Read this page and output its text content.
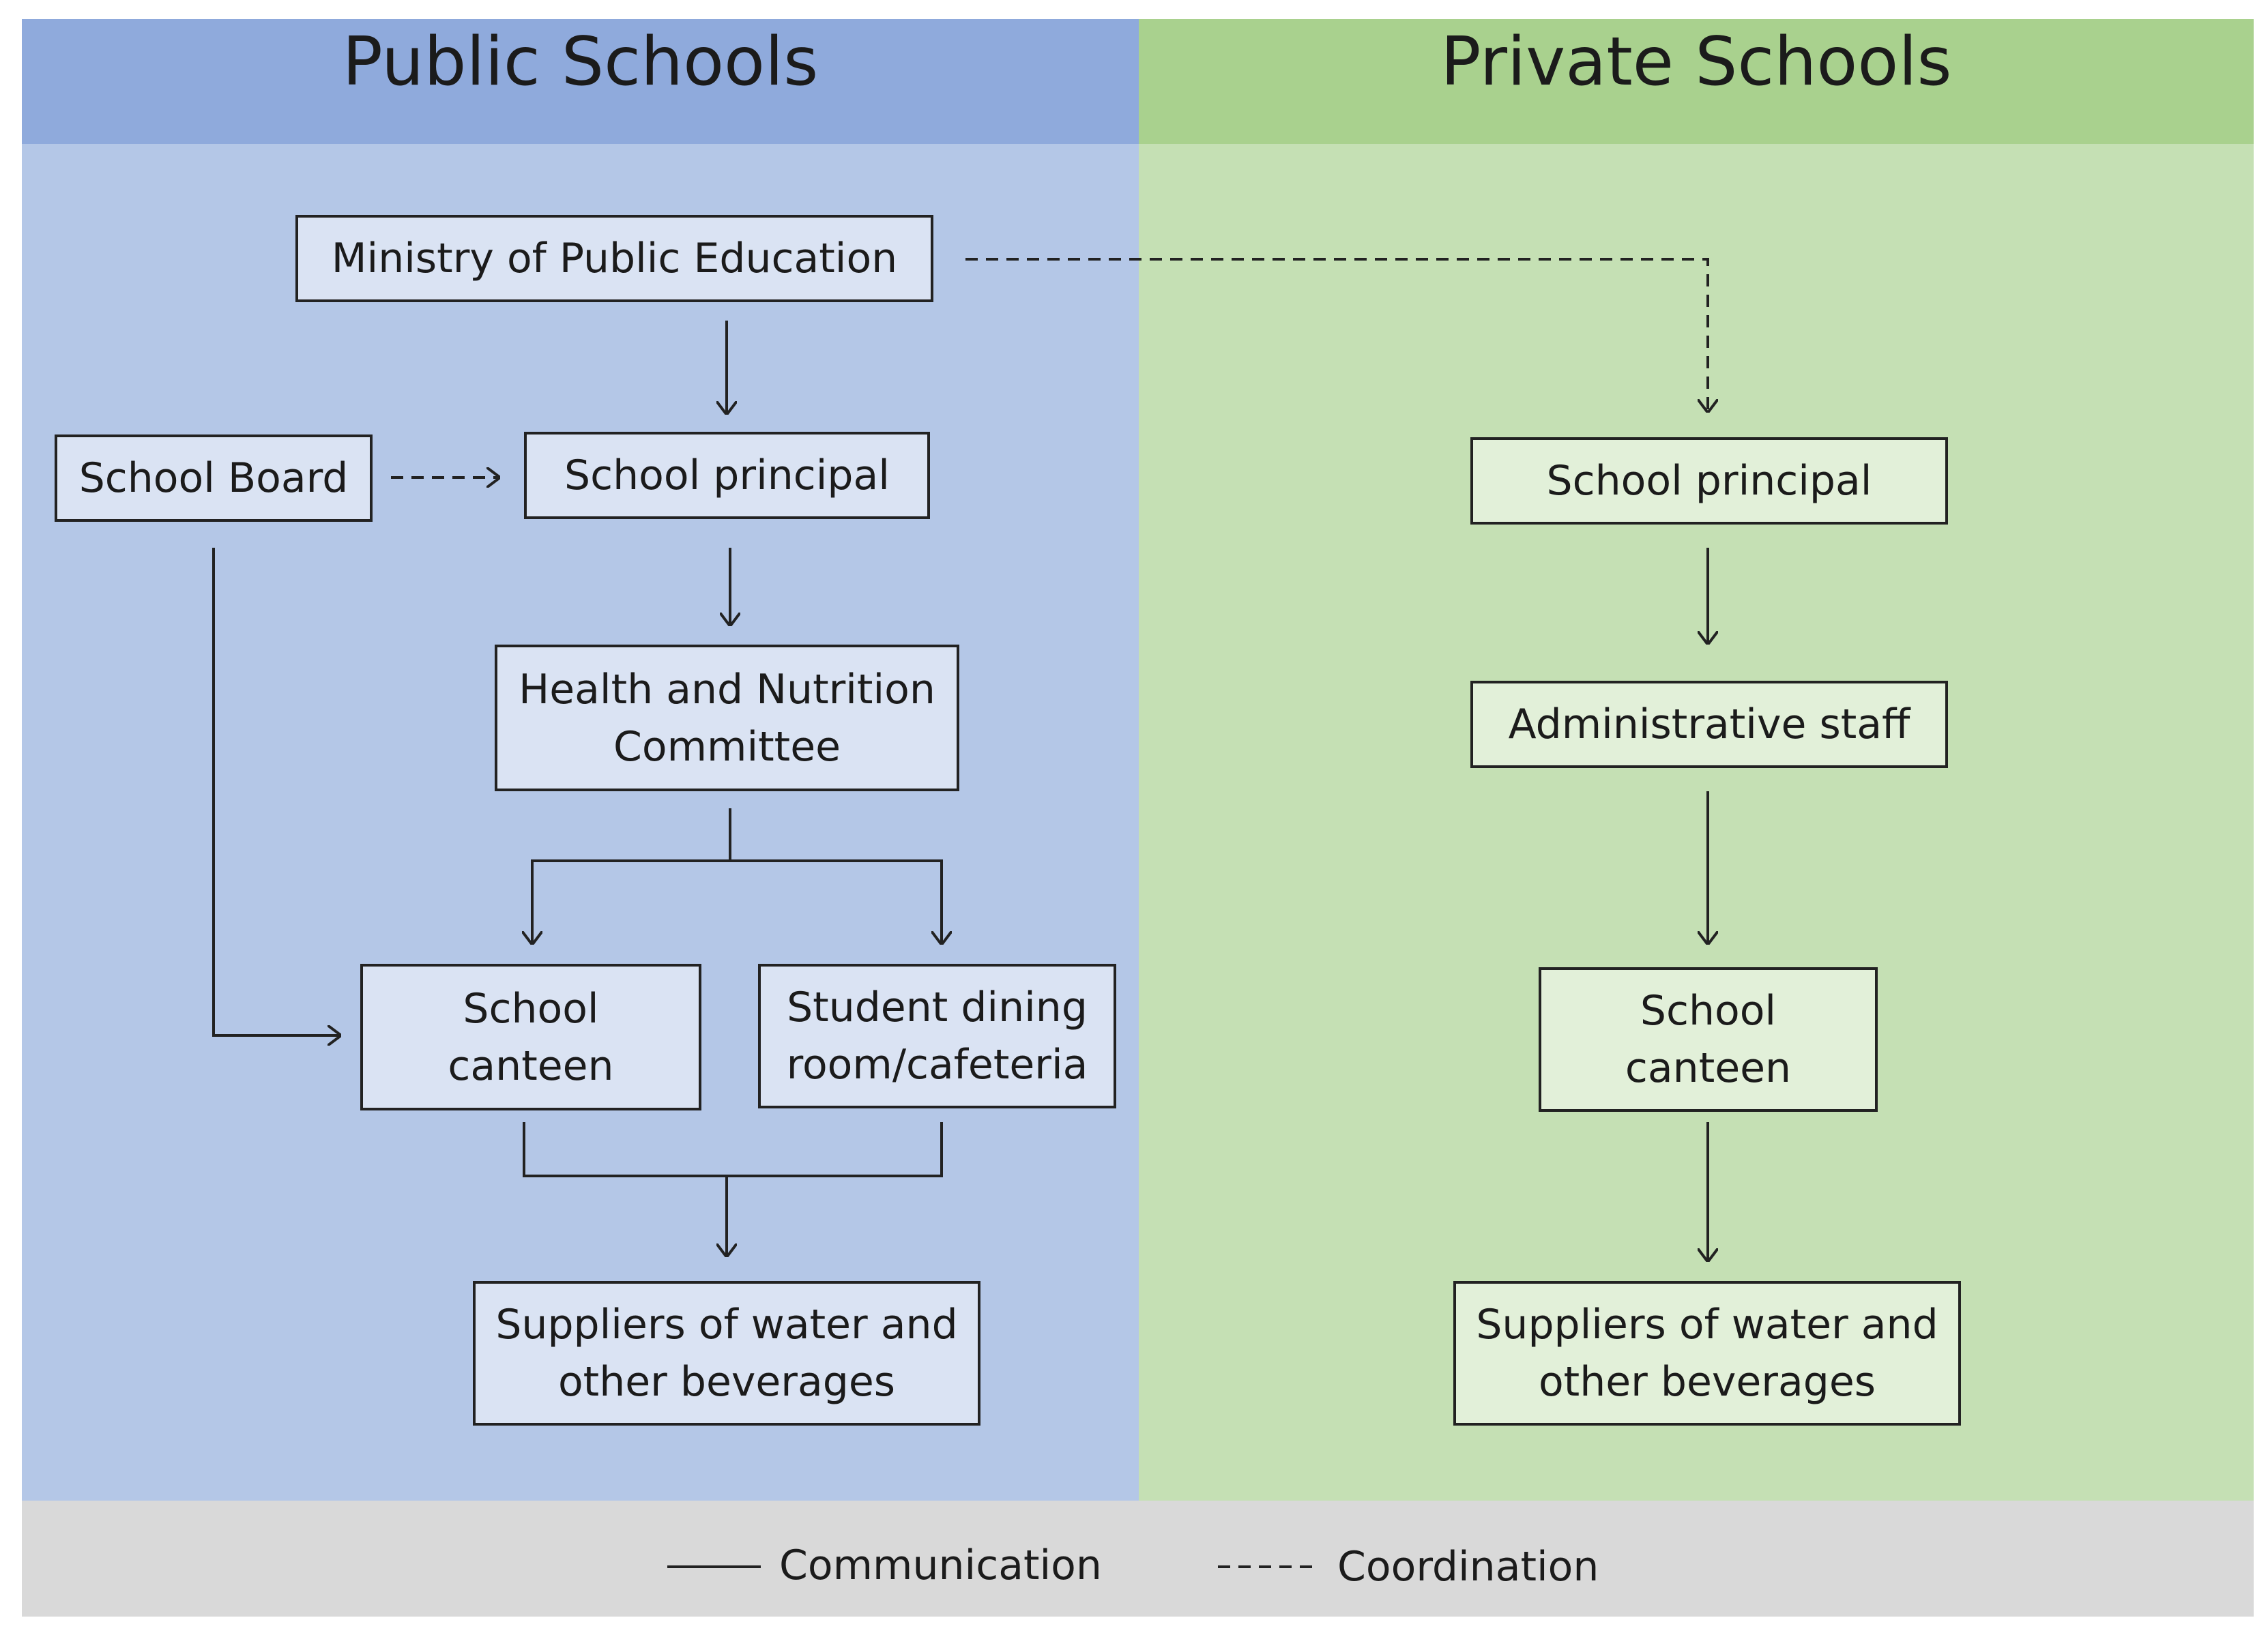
Public Schools	Private Schools
Ministry of Public Education
School Board	School principal
Health and Nutrition Committee
School canteen
Student dining room/cafeteria
Suppliers of water and other beverages
School principal
Administrative staff
School canteen
Suppliers of water and other beverages
Communication	Coordination
